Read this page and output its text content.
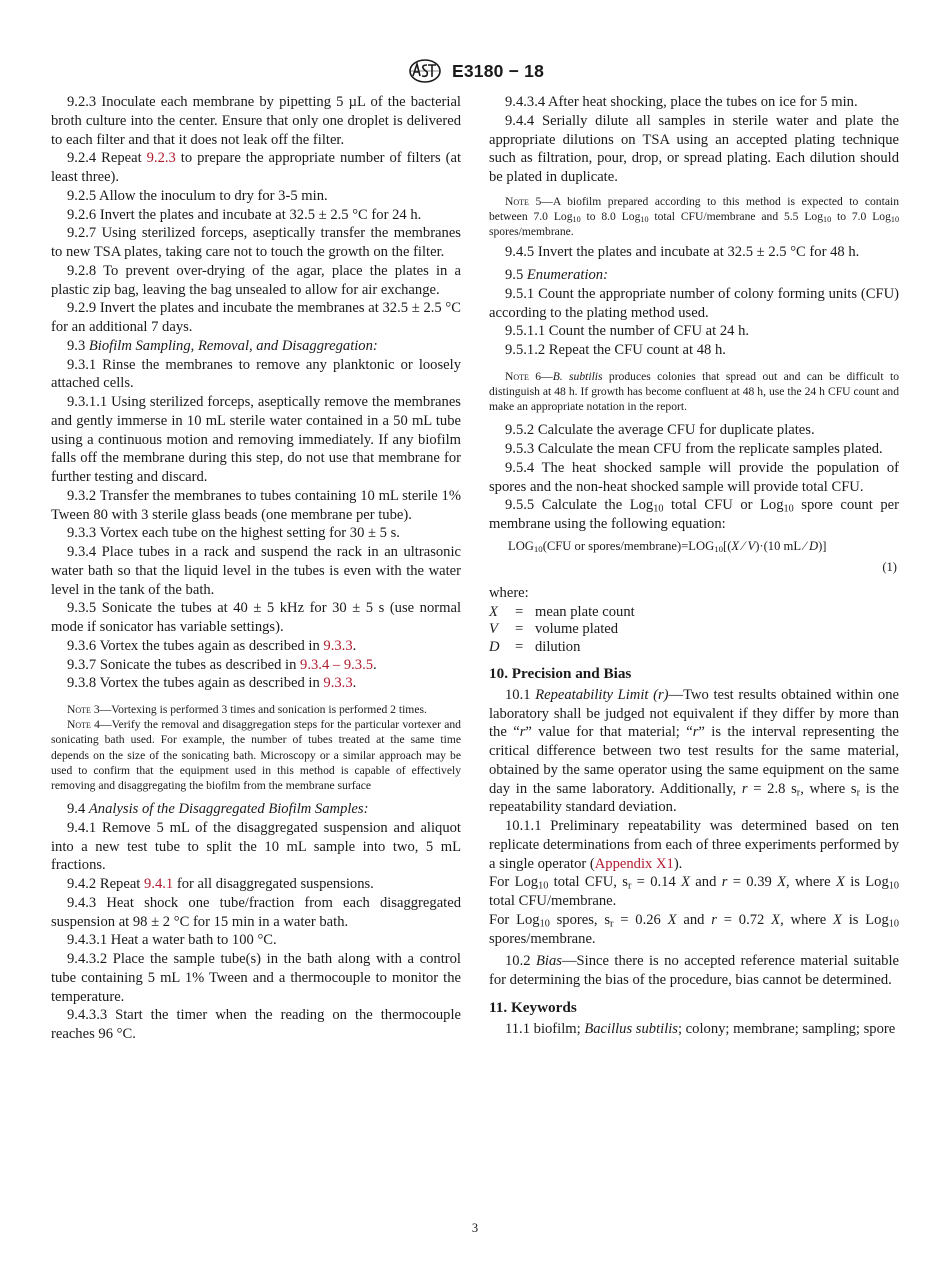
E3180 − 18

9.2.3 Inoculate each membrane by pipetting 5 µL of the bacterial broth culture into the center. Ensure that only one droplet is delivered to each filter and that it does not leak off the filter.

9.2.4 Repeat 9.2.3 to prepare the appropriate number of filters (at least three).

9.2.5 Allow the inoculum to dry for 3-5 min.

9.2.6 Invert the plates and incubate at 32.5 ± 2.5 °C for 24 h.

9.2.7 Using sterilized forceps, aseptically transfer the membranes to new TSA plates, taking care not to touch the growth on the filter.

9.2.8 To prevent over-drying of the agar, place the plates in a plastic zip bag, leaving the bag unsealed to allow for air exchange.

9.2.9 Invert the plates and incubate the membranes at 32.5 ± 2.5 °C for an additional 7 days.

9.3 Biofilm Sampling, Removal, and Disaggregation:

9.3.1 Rinse the membranes to remove any planktonic or loosely attached cells.

9.3.1.1 Using sterilized forceps, aseptically remove the membranes and gently immerse in 10 mL sterile water contained in a 50 mL tube using a continuous motion and removing immediately. If any biofilm falls off the membrane during this step, do not use that membrane for further testing and discard.

9.3.2 Transfer the membranes to tubes containing 10 mL sterile 1% Tween 80 with 3 sterile glass beads (one membrane per tube).

9.3.3 Vortex each tube on the highest setting for 30 ± 5 s.

9.3.4 Place tubes in a rack and suspend the rack in an ultrasonic water bath so that the liquid level in the tubes is even with the water level in the tank of the bath.

9.3.5 Sonicate the tubes at 40 ± 5 kHz for 30 ± 5 s (use normal mode if sonicator has variable settings).

9.3.6 Vortex the tubes again as described in 9.3.3.

9.3.7 Sonicate the tubes as described in 9.3.4 – 9.3.5.

9.3.8 Vortex the tubes again as described in 9.3.3.

Note 3—Vortexing is performed 3 times and sonication is performed 2 times.

Note 4—Verify the removal and disaggregation steps for the particular vortexer and sonicating bath used. For example, the number of tubes treated at the same time depends on the size of the sonicating bath. Microscopy or a similar approach may be used to confirm that the equipment used in this method is capable of effectively removing and disaggregating the biofilm from the membrane surface

9.4 Analysis of the Disaggregated Biofilm Samples:

9.4.1 Remove 5 mL of the disaggregated suspension and aliquot into a new test tube to split the 10 mL sample into two, 5 mL fractions.

9.4.2 Repeat 9.4.1 for all disaggregated suspensions.

9.4.3 Heat shock one tube/fraction from each disaggregated suspension at 98 ± 2 °C for 15 min in a water bath.

9.4.3.1 Heat a water bath to 100 °C.

9.4.3.2 Place the sample tube(s) in the bath along with a control tube containing 5 mL 1% Tween and a thermocouple to monitor the temperature.

9.4.3.3 Start the timer when the reading on the thermocouple reaches 96 °C.

9.4.3.4 After heat shocking, place the tubes on ice for 5 min.

9.4.4 Serially dilute all samples in sterile water and plate the appropriate dilutions on TSA using an accepted plating technique such as filtration, pour, drop, or spread plating. Each dilution should be plated in duplicate.

Note 5—A biofilm prepared according to this method is expected to contain between 7.0 Log$_{10}$ to 8.0 Log$_{10}$ total CFU/membrane and 5.5 Log$_{10}$ to 7.0 Log$_{10}$ spores/membrane.

9.4.5 Invert the plates and incubate at 32.5 ± 2.5 °C for 48 h.

9.5 Enumeration:

9.5.1 Count the appropriate number of colony forming units (CFU) according to the plating method used.

9.5.1.1 Count the number of CFU at 24 h.

9.5.1.2 Repeat the CFU count at 48 h.

Note 6—B. subtilis produces colonies that spread out and can be difficult to distinguish at 48 h. If growth has become confluent at 48 h, use the 24 h CFU count and make an appropriate notation in the report.

9.5.2 Calculate the average CFU for duplicate plates.

9.5.3 Calculate the mean CFU from the replicate samples plated.

9.5.4 The heat shocked sample will provide the population of spores and the non-heat shocked sample will provide total CFU.

9.5.5 Calculate the Log$_{10}$ total CFU or Log$_{10}$ spore count per membrane using the following equation:

$LOG_{10}(CFU$ or spores/$membrane)=LOG_{10}[(X$ ⁄ V)·(10 mL ⁄ D)]
(1)

where:

X	= mean plate count
V	= volume plated
D	= dilution

10. Precision and Bias

10.1 Repeatability Limit (r)—Two test results obtained within one laboratory shall be judged not equivalent if they differ by more than the “r” value for that material; “r” is the interval representing the critical difference between two test results for the same material, obtained by the same operator using the same equipment on the same day in the same laboratory. Additionally, r = 2.8 $s_r$, where $s_r$ is the repeatability standard deviation.

10.1.1 Preliminary repeatability was determined based on ten replicate determinations from each of three experiments performed by a single operator (Appendix X1).

For Log$_{10}$ total CFU, $s_r = 0.14$ X and r = 0.39 X, where X is Log$_{10}$ total CFU/membrane.

For Log$_{10}$ spores, $s_r = 0.26$ X and r = 0.72 X, where X is Log$_{10}$ spores/membrane.

10.2 Bias—Since there is no accepted reference material suitable for determining the bias of the procedure, bias cannot be determined.

11. Keywords

11.1 biofilm; Bacillus subtilis; colony; membrane; sampling; spore

3
